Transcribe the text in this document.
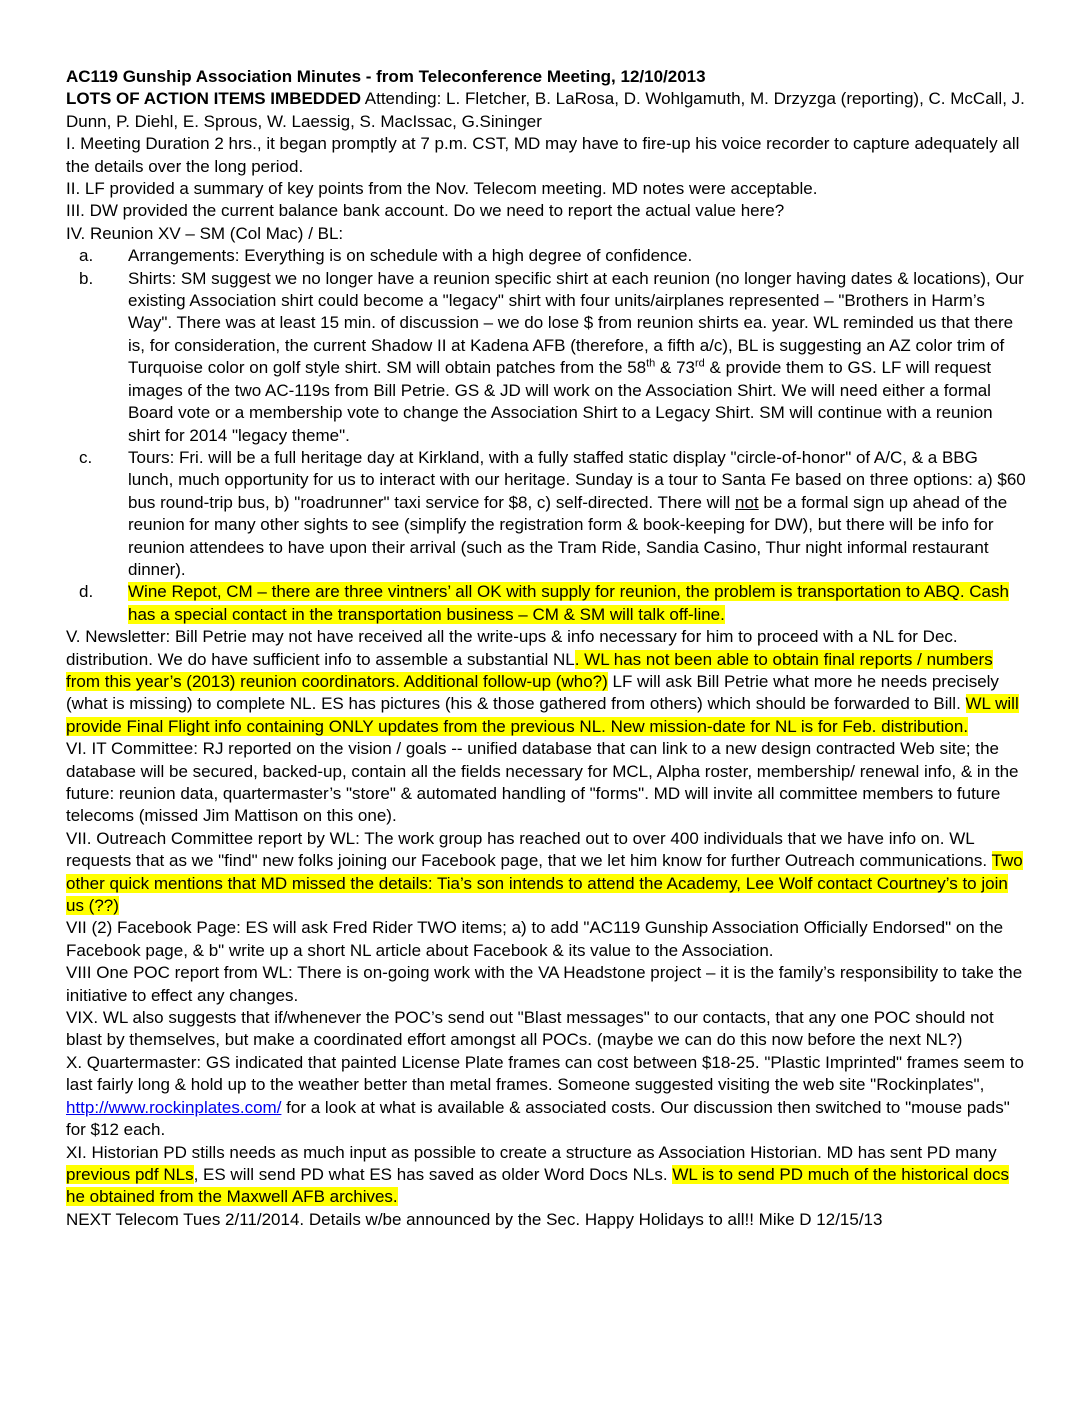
AC119 Gunship Association Minutes - from Teleconference Meeting, 12/10/2013

LOTS OF ACTION ITEMS IMBEDDED Attending: L. Fletcher, B. LaRosa, D. Wohlgamuth, M. Drzyzga (reporting), C. McCall, J. Dunn, P. Diehl, E. Sprous, W. Laessig, S. MacIssac, G.Sininger

I. Meeting Duration 2 hrs., it began promptly at 7 p.m. CST, MD may have to fire-up his voice recorder to capture adequately all the details over the long period.

II. LF provided a summary of key points from the Nov. Telecom meeting. MD notes were acceptable.

III. DW provided the current balance bank account. Do we need to report the actual value here?

IV. Reunion XV – SM (Col Mac) / BL:

a.	Arrangements: Everything is on schedule with a high degree of confidence.
b.	Shirts: SM suggest we no longer have a reunion specific shirt at each reunion (no longer having dates & locations), Our existing Association shirt could become a "legacy" shirt with four units/airplanes represented – "Brothers in Harm’s Way". There was at least 15 min. of discussion – we do lose $ from reunion shirts ea. year. WL reminded us that there is, for consideration, the current Shadow II at Kadena AFB (therefore, a fifth a/c), BL is suggesting an AZ color trim of Turquoise color on golf style shirt. SM will obtain patches from the 58th & 73rd & provide them to GS. LF will request images of the two AC-119s from Bill Petrie. GS & JD will work on the Association Shirt. We will need either a formal Board vote or a membership vote to change the Association Shirt to a Legacy Shirt. SM will continue with a reunion shirt for 2014 "legacy theme".
c.	Tours: Fri. will be a full heritage day at Kirkland, with a fully staffed static display "circle-of-honor" of A/C, & a BBG lunch, much opportunity for us to interact with our heritage. Sunday is a tour to Santa Fe based on three options: a) $60 bus round-trip bus, b) "roadrunner" taxi service for $8, c) self-directed. There will not be a formal sign up ahead of the reunion for many other sights to see (simplify the registration form & book-keeping for DW), but there will be info for reunion attendees to have upon their arrival (such as the Tram Ride, Sandia Casino, Thur night informal restaurant dinner).
d.	Wine Repot, CM – there are three vintners’ all OK with supply for reunion, the problem is transportation to ABQ. Cash has a special contact in the transportation business – CM & SM will talk off-line.

V. Newsletter: Bill Petrie may not have received all the write-ups & info necessary for him to proceed with a NL for Dec. distribution. We do have sufficient info to assemble a substantial NL. WL has not been able to obtain final reports / numbers from this year’s (2013) reunion coordinators. Additional follow-up (who?) LF will ask Bill Petrie what more he needs precisely (what is missing) to complete NL. ES has pictures (his & those gathered from others) which should be forwarded to Bill. WL will provide Final Flight info containing ONLY updates from the previous NL. New mission-date for NL is for Feb. distribution.

VI. IT Committee: RJ reported on the vision / goals -- unified database that can link to a new design contracted Web site; the database will be secured, backed-up, contain all the fields necessary for MCL, Alpha roster, membership/ renewal info, & in the future: reunion data, quartermaster’s "store" & automated handling of "forms". MD will invite all committee members to future telecoms (missed Jim Mattison on this one).

VII. Outreach Committee report by WL: The work group has reached out to over 400 individuals that we have info on. WL requests that as we "find" new folks joining our Facebook page, that we let him know for further Outreach communications. Two other quick mentions that MD missed the details: Tia’s son intends to attend the Academy, Lee Wolf contact Courtney’s to join us (??)

VII (2) Facebook Page: ES will ask Fred Rider TWO items; a) to add "AC119 Gunship Association Officially Endorsed" on the Facebook page, & b" write up a short NL article about Facebook & its value to the Association.

VIII One POC report from WL: There is on-going work with the VA Headstone project – it is the family’s responsibility to take the initiative to effect any changes.

VIX. WL also suggests that if/whenever the POC’s send out "Blast messages" to our contacts, that any one POC should not blast by themselves, but make a coordinated effort amongst all POCs. (maybe we can do this now before the next NL?)

X. Quartermaster: GS indicated that painted License Plate frames can cost between $18-25. "Plastic Imprinted" frames seem to last fairly long & hold up to the weather better than metal frames. Someone suggested visiting the web site "Rockinplates", http://www.rockinplates.com/ for a look at what is available & associated costs. Our discussion then switched to "mouse pads" for $12 each.

XI. Historian PD stills needs as much input as possible to create a structure as Association Historian. MD has sent PD many previous pdf NLs, ES will send PD what ES has saved as older Word Docs NLs. WL is to send PD much of the historical docs he obtained from the Maxwell AFB archives.

NEXT Telecom Tues 2/11/2014. Details w/be announced by the Sec. Happy Holidays to all!! Mike D 12/15/13
